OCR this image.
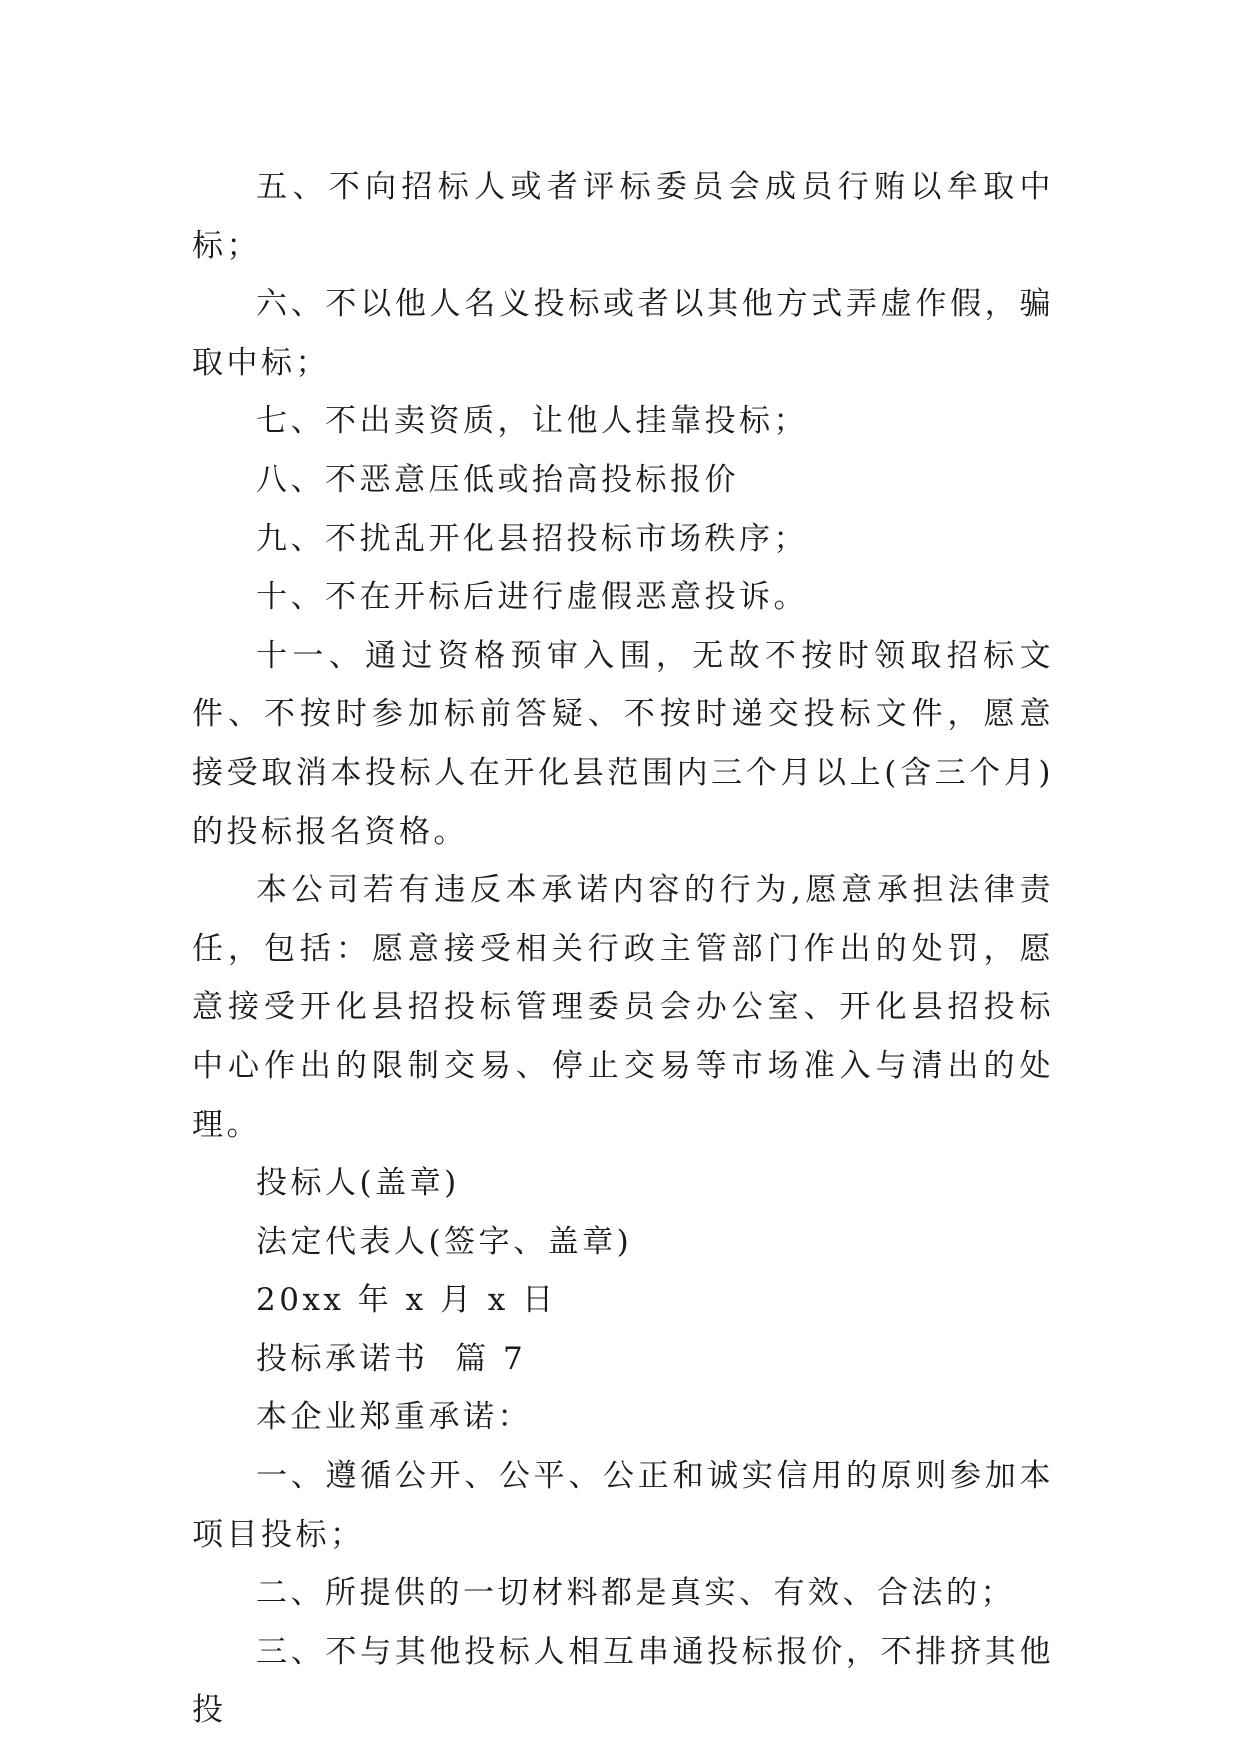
五、不向招标人或者评标委员会成员行贿以牟取中标；

六、不以他人名义投标或者以其他方式弄虚作假，骗取中标；

七、不出卖资质，让他人挂靠投标；

八、不恶意压低或抬高投标报价

九、不扰乱开化县招投标市场秩序；

十、不在开标后进行虚假恶意投诉。

十一、通过资格预审入围，无故不按时领取招标文件、不按时参加标前答疑、不按时递交投标文件，愿意接受取消本投标人在开化县范围内三个月以上(含三个月)的投标报名资格。

本公司若有违反本承诺内容的行为,愿意承担法律责任，包括：愿意接受相关行政主管部门作出的处罚，愿意接受开化县招投标管理委员会办公室、开化县招投标中心作出的限制交易、停止交易等市场准入与清出的处理。

投标人(盖章)

法定代表人(签字、盖章)

20xx 年 x 月 x 日

投标承诺书  篇 7

本企业郑重承诺：

一、遵循公开、公平、公正和诚实信用的原则参加本项目投标；

二、所提供的一切材料都是真实、有效、合法的；

三、不与其他投标人相互串通投标报价，不排挤其他投
